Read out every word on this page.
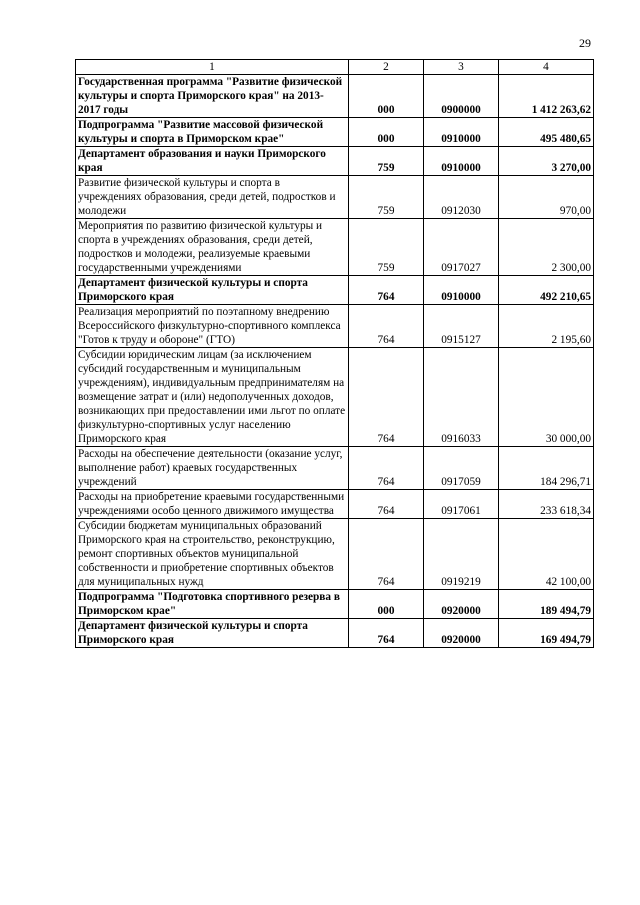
29
1	2	3	4
Государственная программа "Развитие физической культуры и спорта Приморского края" на 2013-2017 годы	000	0900000	1 412 263,62
Подпрограмма "Развитие массовой физической культуры и спорта в Приморском крае"	000	0910000	495 480,65
Департамент образования и науки Приморского края	759	0910000	3 270,00
Развитие физической культуры и спорта в учреждениях образования, среди детей, подростков и молодежи	759	0912030	970,00
Мероприятия по развитию физической культуры и спорта в учреждениях образования, среди детей, подростков и молодежи, реализуемые краевыми государственными учреждениями	759	0917027	2 300,00
Департамент физической культуры и спорта Приморского края	764	0910000	492 210,65
Реализация мероприятий по поэтапному внедрению Всероссийского физкультурно-спортивного комплекса "Готов к труду и обороне" (ГТО)	764	0915127	2 195,60
Субсидии юридическим лицам (за исключением субсидий государственным и муниципальным учреждениям), индивидуальным предпринимателям на возмещение затрат и (или) недополученных доходов, возникающих при предоставлении ими льгот по оплате физкультурно-спортивных услуг населению Приморского края	764	0916033	30 000,00
Расходы на обеспечение деятельности (оказание услуг, выполнение работ) краевых государственных учреждений	764	0917059	184 296,71
Расходы на приобретение краевыми государственными учреждениями особо ценного движимого имущества	764	0917061	233 618,34
Субсидии бюджетам муниципальных образований Приморского края на строительство, реконструкцию, ремонт спортивных объектов муниципальной собственности и приобретение спортивных объектов для муниципальных нужд	764	0919219	42 100,00
Подпрограмма "Подготовка спортивного резерва в Приморском крае"	000	0920000	189 494,79
Департамент физической культуры и спорта Приморского края	764	0920000	169 494,79
